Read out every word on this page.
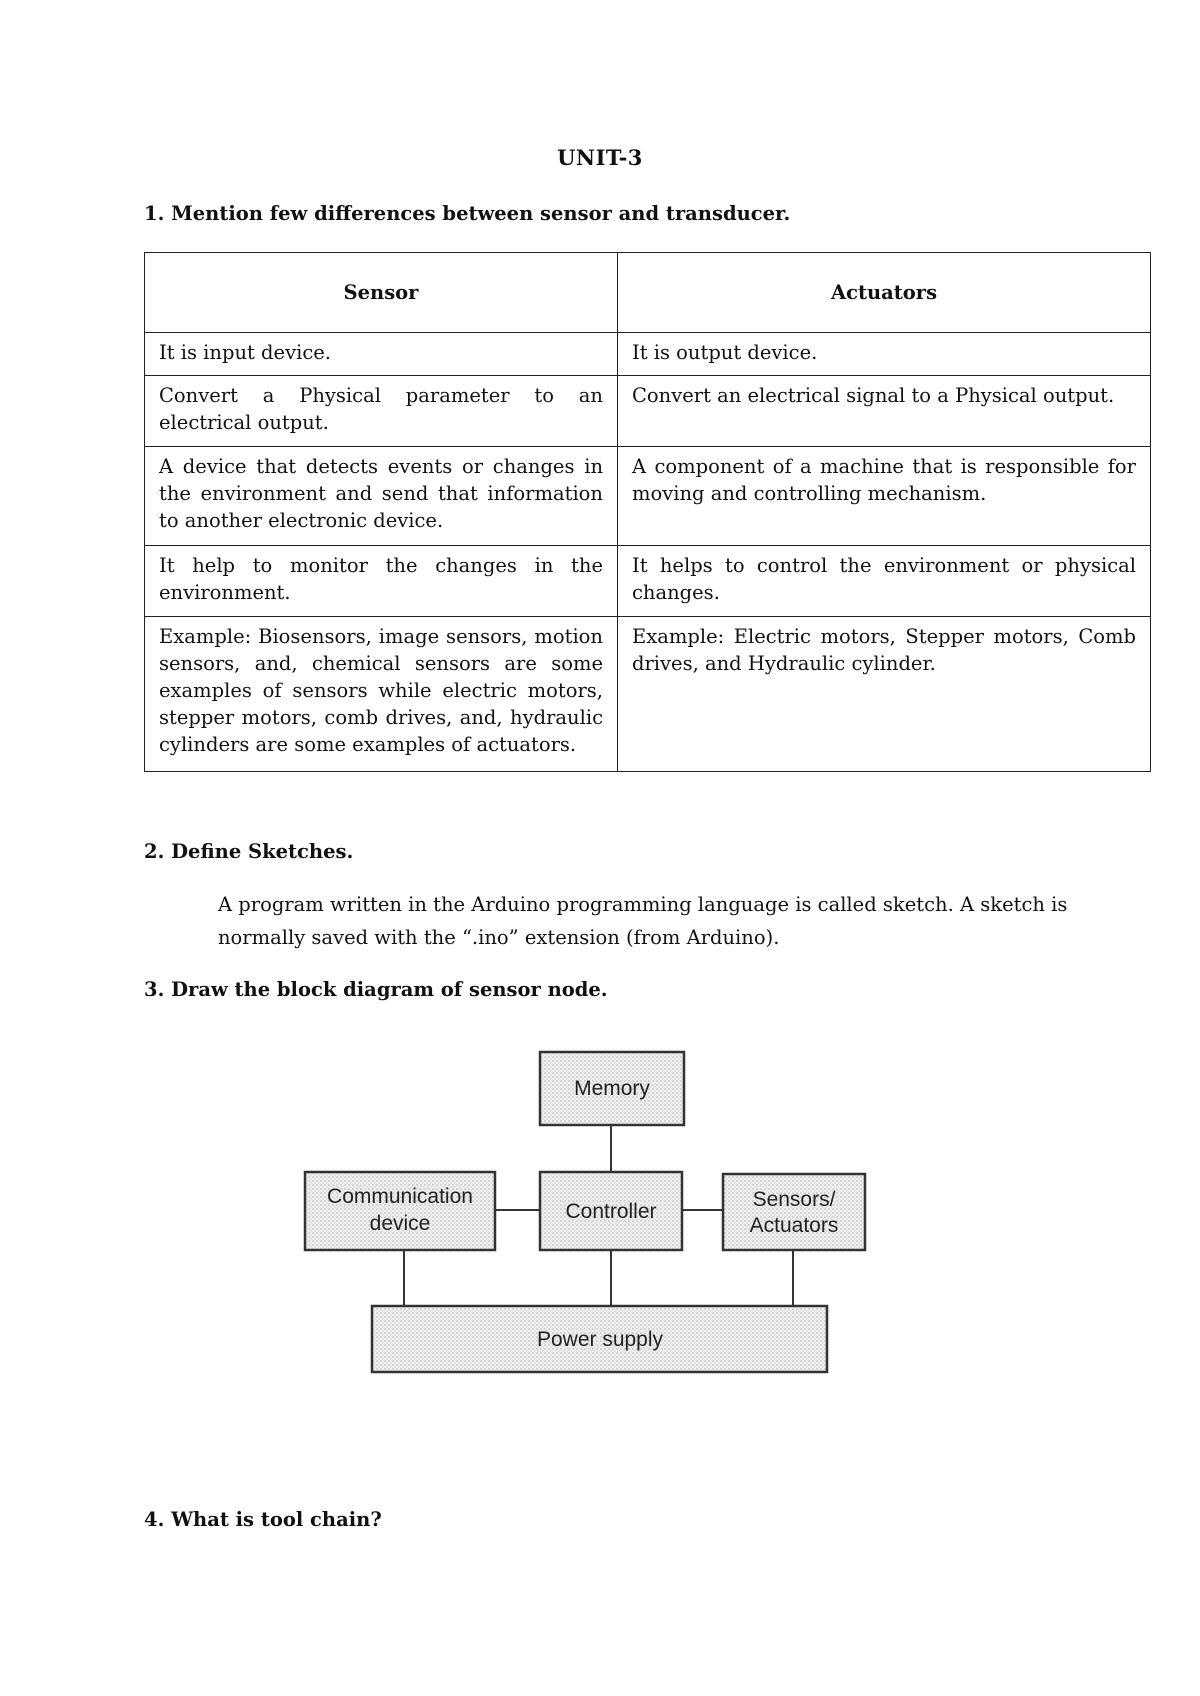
UNIT-3
1. Mention few differences between sensor and transducer.
Sensor	Actuators
It is input device.	It is output device.
Convert a Physical parameter to an electrical output.	Convert an electrical signal to a Physical output.
A device that detects events or changes in the environment and send that information to another electronic device.	A component of a machine that is responsible for moving and controlling mechanism.
It help to monitor the changes in the environment.	It helps to control the environment or physical changes.
Example: Biosensors, image sensors, motion sensors, and, chemical sensors are some examples of sensors while electric motors, stepper motors, comb drives, and, hydraulic cylinders are some examples of actuators.	Example: Electric motors, Stepper motors, Comb drives, and Hydraulic cylinder.
2. Define Sketches.
A program written in the Arduino programming language is called sketch. A sketch is normally saved with the “.ino” extension (from Arduino).
3. Draw the block diagram of sensor node.
Memory
Communication
device
Controller
Sensors/
Actuators
Power supply
4. What is tool chain?
